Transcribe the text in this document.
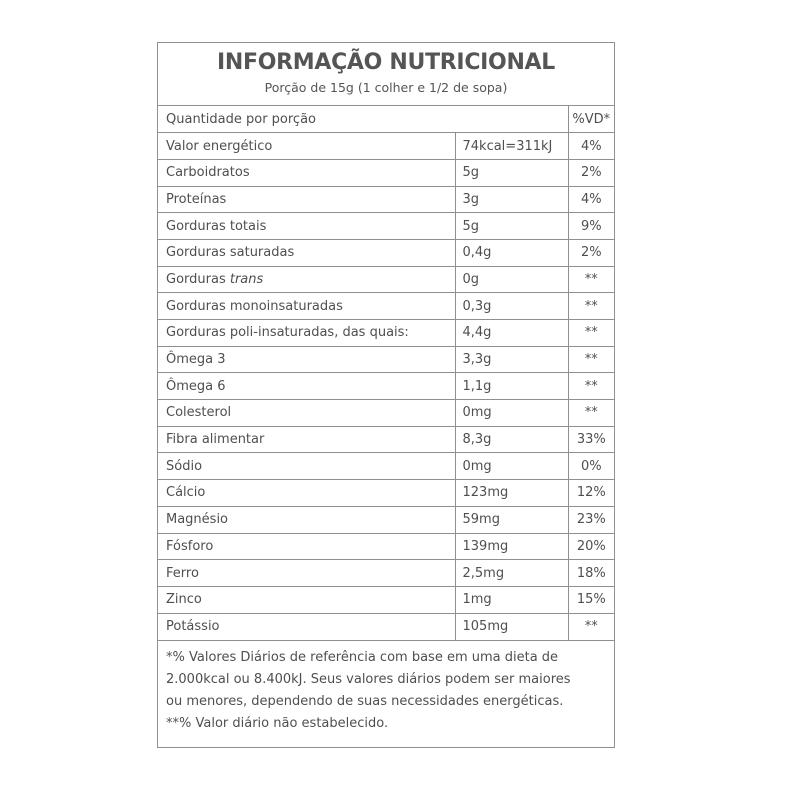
INFORMAÇÃO NUTRICIONAL
Porção de 15g (1 colher e 1/2 de sopa)
Quantidade por porção		%VD*
Valor energético	74kcal=311kJ	4%
Carboidratos	5g	2%
Proteínas	3g	4%
Gorduras totais	5g	9%
Gorduras saturadas	0,4g	2%
Gorduras trans	0g	**
Gorduras monoinsaturadas	0,3g	**
Gorduras poli-insaturadas, das quais:	4,4g	**
Ômega 3	3,3g	**
Ômega 6	1,1g	**
Colesterol	0mg	**
Fibra alimentar	8,3g	33%
Sódio	0mg	0%
Cálcio	123mg	12%
Magnésio	59mg	23%
Fósforo	139mg	20%
Ferro	2,5mg	18%
Zinco	1mg	15%
Potássio	105mg	**
*% Valores Diários de referência com base em uma dieta de
2.000kcal ou 8.400kJ. Seus valores diários podem ser maiores
ou menores, dependendo de suas necessidades energéticas.
**% Valor diário não estabelecido.
